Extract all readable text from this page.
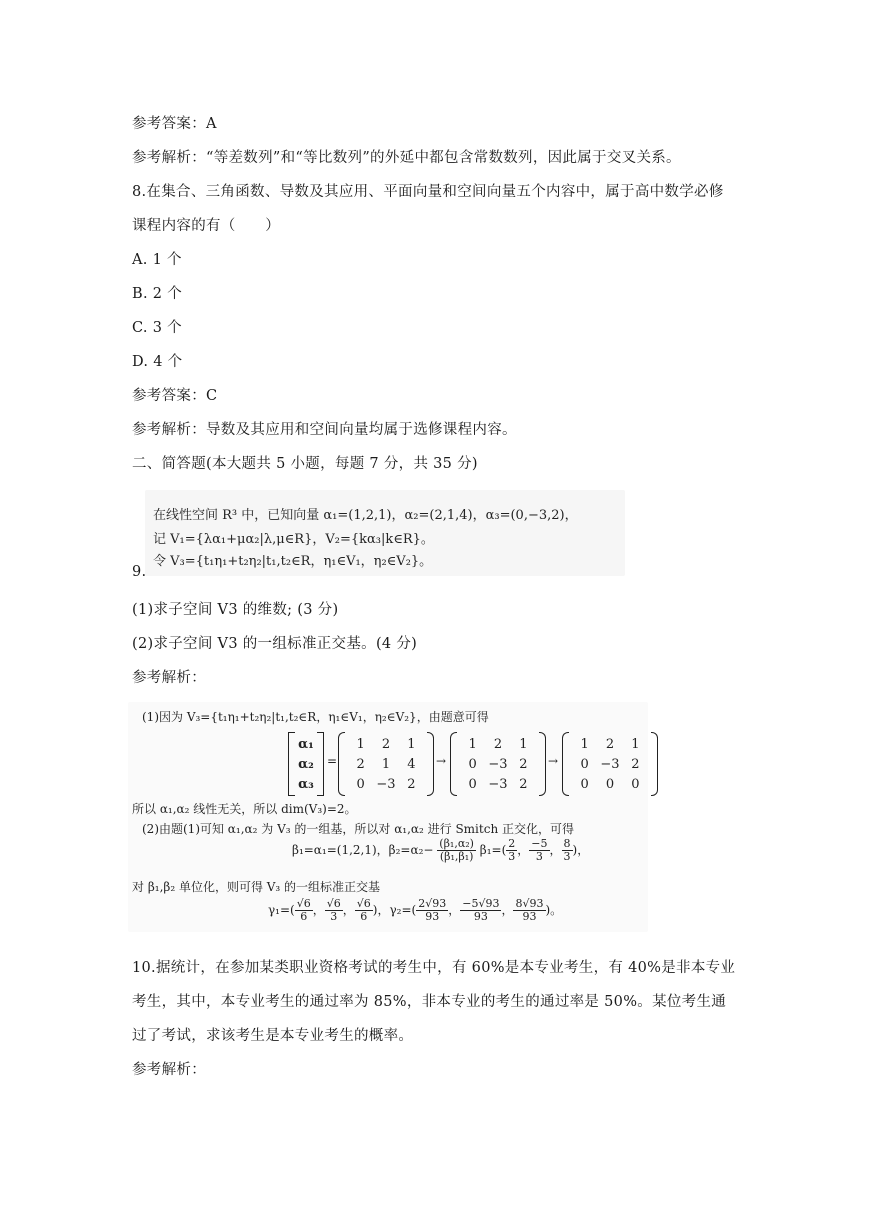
参考答案：A
参考解析：“等差数列”和“等比数列”的外延中都包含常数数列，因此属于交叉关系。
8.在集合、三角函数、导数及其应用、平面向量和空间向量五个内容中，属于高中数学必修
课程内容的有（　　）
A. 1 个
B. 2 个
C. 3 个
D. 4 个
参考答案：C
参考解析：导数及其应用和空间向量均属于选修课程内容。
二、简答题(本大题共 5 小题，每题 7 分，共 35 分)
在线性空间 R³ 中，已知向量 α₁=(1,2,1)，α₂=(2,1,4)，α₃=(0,−3,2)，
记 V₁={λα₁+μα₂|λ,μ∈R}，V₂={kα₃|k∈R}。
令 V₃={t₁η₁+t₂η₂|t₁,t₂∈R，η₁∈V₁，η₂∈V₂}。
9.
(1)求子空间 V3 的维数; (3 分)
(2)求子空间 V3 的一组标准正交基。(4 分)
参考解析：
(1)因为 V₃={t₁η₁+t₂η₂|t₁,t₂∈R，η₁∈V₁，η₂∈V₂}，由题意可得
α₁
α₂
α₃
=
1	2	1
2	1	4
0 −3 2
→
1	2	1
0 −3 2
0 −3 2
→
1	2	1
0 −3 2
0	0	0
所以 α₁,α₂ 线性无关，所以 dim(V₃)=2。
(2)由题(1)可知 α₁,α₂ 为 V₃ 的一组基，所以对 α₁,α₂ 进行 Smitch 正交化，可得
β₁=α₁=(1,2,1)，$\beta_2=\alpha_2- \frac{\text{(β₁,α₂)}}{\text{(β₁,β₁)}} \beta_1=( \frac{2}{3}$ ， $\frac{-5}{3}$ ， $\frac{8}{3}$ )，
对 β₁,β₂ 单位化，则可得 V₃ 的一组标准正交基
$\gamma_1=( \frac{√6}{6}$ ， $\frac{√6}{3}$ ， $\frac{√6}{6}$ )，$\gamma_2=( \frac{2√93}{93}$ ， $\frac{-5√93}{93}$ ， $\frac{8√93}{93}$ )。
10.据统计，在参加某类职业资格考试的考生中，有 60%是本专业考生，有 40%是非本专业
考生，其中，本专业考生的通过率为 85%，非本专业的考生的通过率是 50%。某位考生通
过了考试，求该考生是本专业考生的概率。
参考解析：
